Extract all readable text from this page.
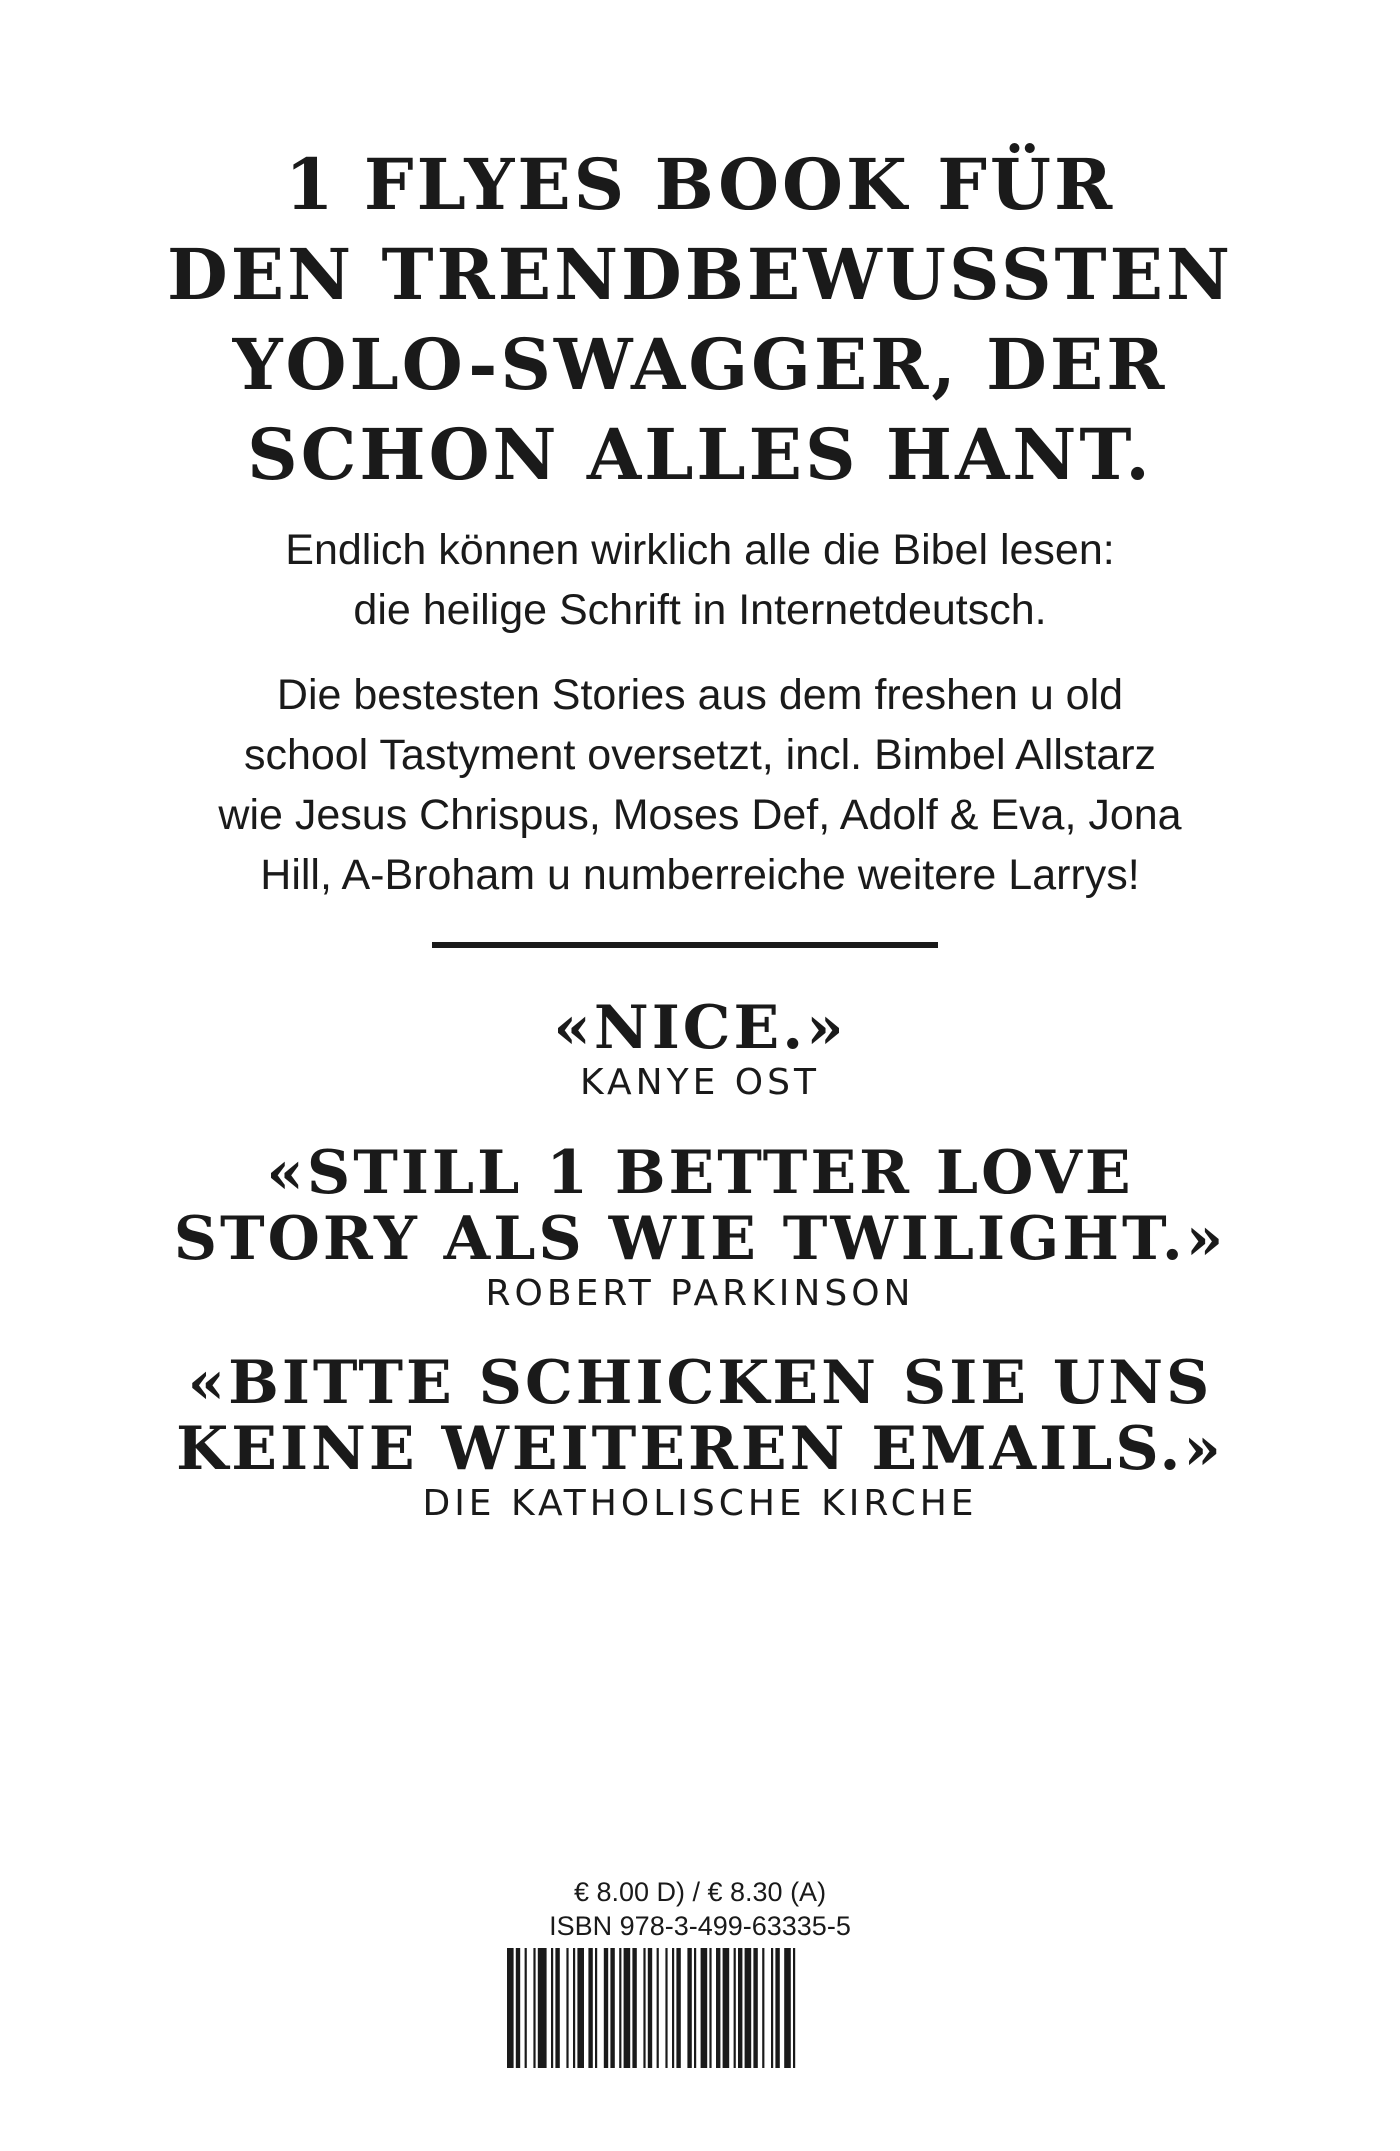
1 FLYES BOOK FÜR
DEN TRENDBEWUSSTEN
YOLO-SWAGGER, DER
SCHON ALLES HANT.

Endlich können wirklich alle die Bibel lesen:
die heilige Schrift in Internetdeutsch.

Die bestesten Stories aus dem freshen u old
school Tastyment oversetzt, incl. Bimbel Allstarz
wie Jesus Chrispus, Moses Def, Adolf & Eva, Jona
Hill, A-Broham u numberreiche weitere Larrys!

«NICE.»

KANYE OST

«STILL 1 BETTER LOVE
STORY ALS WIE TWILIGHT.»

ROBERT PARKINSON

«BITTE SCHICKEN SIE UNS
KEINE WEITEREN EMAILS.»

DIE KATHOLISCHE KIRCHE

€ 8.00 D) / € 8.30 (A)
ISBN 978-3-499-63335-5
